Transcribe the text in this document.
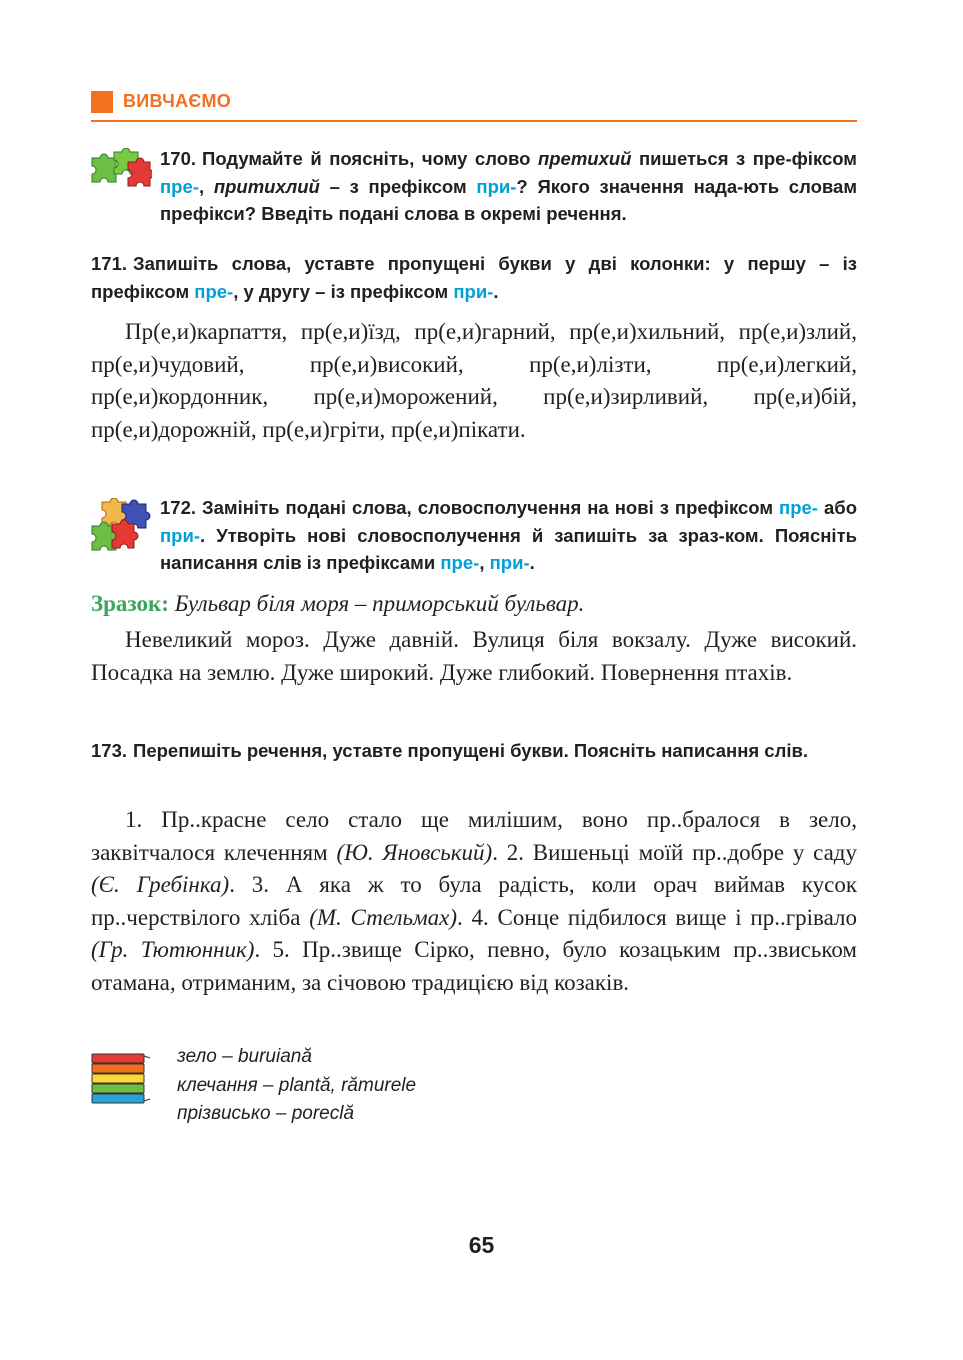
ВИВЧАЄМО
170. Подумайте й поясніть, чому слово претихий пишеться з пре-фіксом пре-, притихлий – з префіксом при-? Якого значення нада-ють словам префікси? Введіть подані слова в окремі речення.
171. Запишіть слова, уставте пропущені букви у дві колонки: у першу – із префіксом пре-, у другу – із префіксом при-.
Пр(е,и)карпаття, пр(е,и)їзд, пр(е,и)гарний, пр(е,и)хильний, пр(е,и)злий, пр(е,и)чудовий, пр(е,и)високий, пр(е,и)лізти, пр(е,и)легкий, пр(е,и)кордонник, пр(е,и)морожений, пр(е,и)зирливий, пр(е,и)бій, пр(е,и)дорожній, пр(е,и)гріти, пр(е,и)пікати.
172. Замініть подані слова, словосполучення на нові з префіксом пре- або при-. Утворіть нові словосполучення й запишіть за зраз-ком. Поясніть написання слів із префіксами пре-, при-.
Зразок: Бульвар біля моря – приморський бульвар.
Невеликий мороз. Дуже давній. Вулиця біля вокзалу. Дуже високий. Посадка на землю. Дуже широкий. Дуже глибокий. Повернення птахів.
173. Перепишіть речення, уставте пропущені букви. Поясніть написання слів.
1. Пр..красне село стало ще милішим, воно пр..бралося в зело, заквітчалося клеченням (Ю. Яновський). 2. Вишеньці моїй пр..добре у саду (Є. Гребінка). 3. А яка ж то була радість, коли орач виймав кусок пр..черствілого хліба (М. Стельмах). 4. Сонце підбилося вище і пр..грівало (Гр. Тютюнник). 5. Пр..звище Сірко, певно, було козацьким пр..звиськом отамана, отриманим, за січовою традицією від козаків.
зело – buruiană
клечання – plantă, rămurele
прізвисько – poreclă
65
